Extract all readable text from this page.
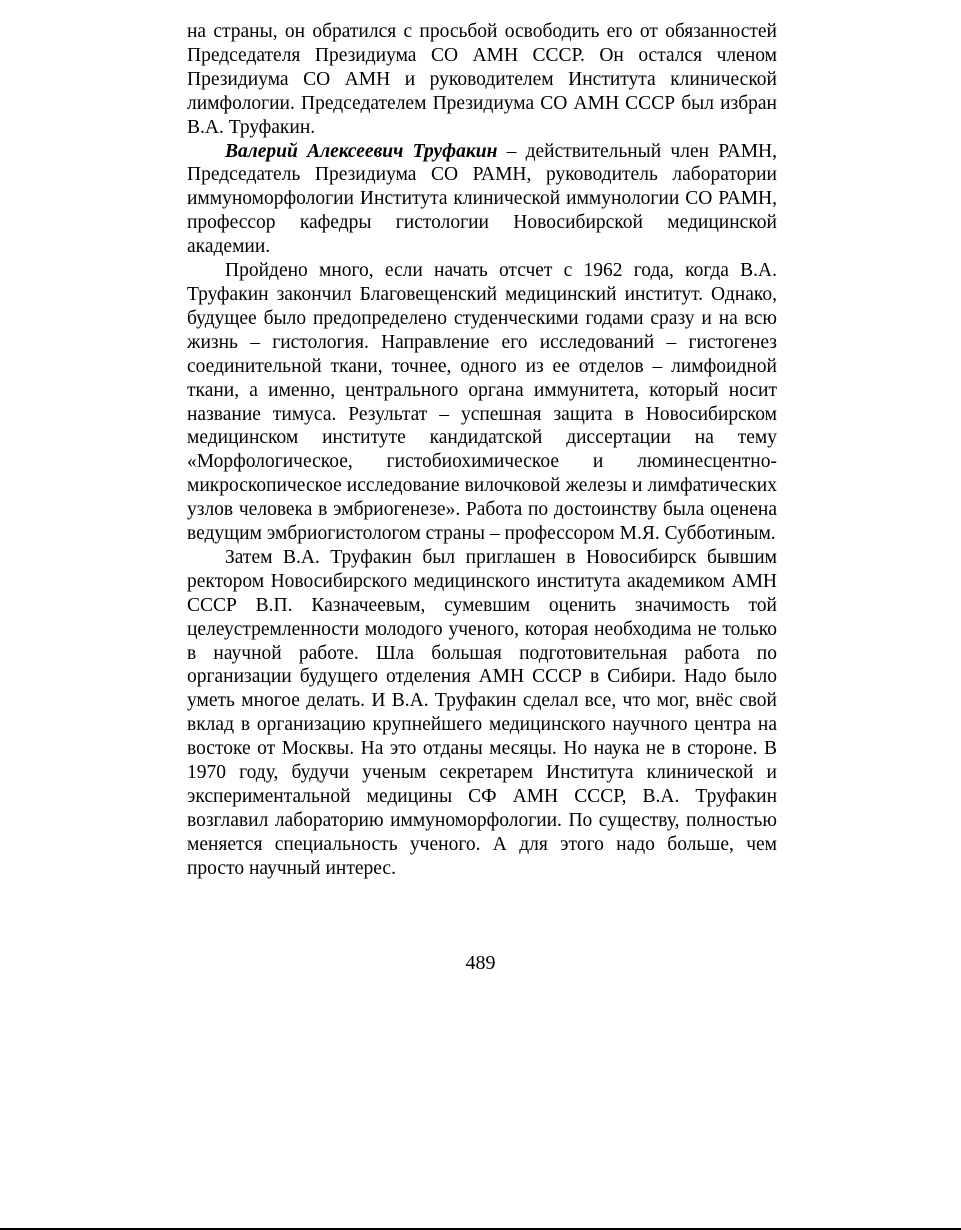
на страны, он обратился с просьбой освободить его от обязанностей Председателя Президиума СО АМН СССР. Он остался членом Президиума СО АМН и руководителем Института клинической лимфологии. Председателем Президиума СО АМН СССР был избран В.А. Труфакин.

Валерий Алексеевич Труфакин – действительный член РАМН, Председатель Президиума СО РАМН, руководитель лаборатории иммуноморфологии Института клинической иммунологии СО РАМН, профессор кафедры гистологии Новосибирской медицинской академии.

Пройдено много, если начать отсчет с 1962 года, когда В.А. Труфакин закончил Благовещенский медицинский институт. Однако, будущее было предопределено студенческими годами сразу и на всю жизнь – гистология. Направление его исследований – гистогенез соединительной ткани, точнее, одного из ее отделов – лимфоидной ткани, а именно, центрального органа иммунитета, который носит название тимуса. Результат – успешная защита в Новосибирском медицинском институте кандидатской диссертации на тему «Морфологическое, гистобиохимическое и люминесцентно-микроскопическое исследование вилочковой железы и лимфатических узлов человека в эмбриогенезе». Работа по достоинству была оценена ведущим эмбриогистологом страны – профессором М.Я. Субботиным.

Затем В.А. Труфакин был приглашен в Новосибирск бывшим ректором Новосибирского медицинского института академиком АМН СССР В.П. Казначеевым, сумевшим оценить значимость той целеустремленности молодого ученого, которая необходима не только в научной работе. Шла большая подготовительная работа по организации будущего отделения АМН СССР в Сибири. Надо было уметь многое делать. И В.А. Труфакин сделал все, что мог, внёс свой вклад в организацию крупнейшего медицинского научного центра на востоке от Москвы. На это отданы месяцы. Но наука не в стороне. В 1970 году, будучи ученым секретарем Института клинической и экспериментальной медицины СФ АМН СССР, В.А. Труфакин возглавил лабораторию иммуноморфологии. По существу, полностью меняется специальность ученого. А для этого надо больше, чем просто научный интерес.

489
